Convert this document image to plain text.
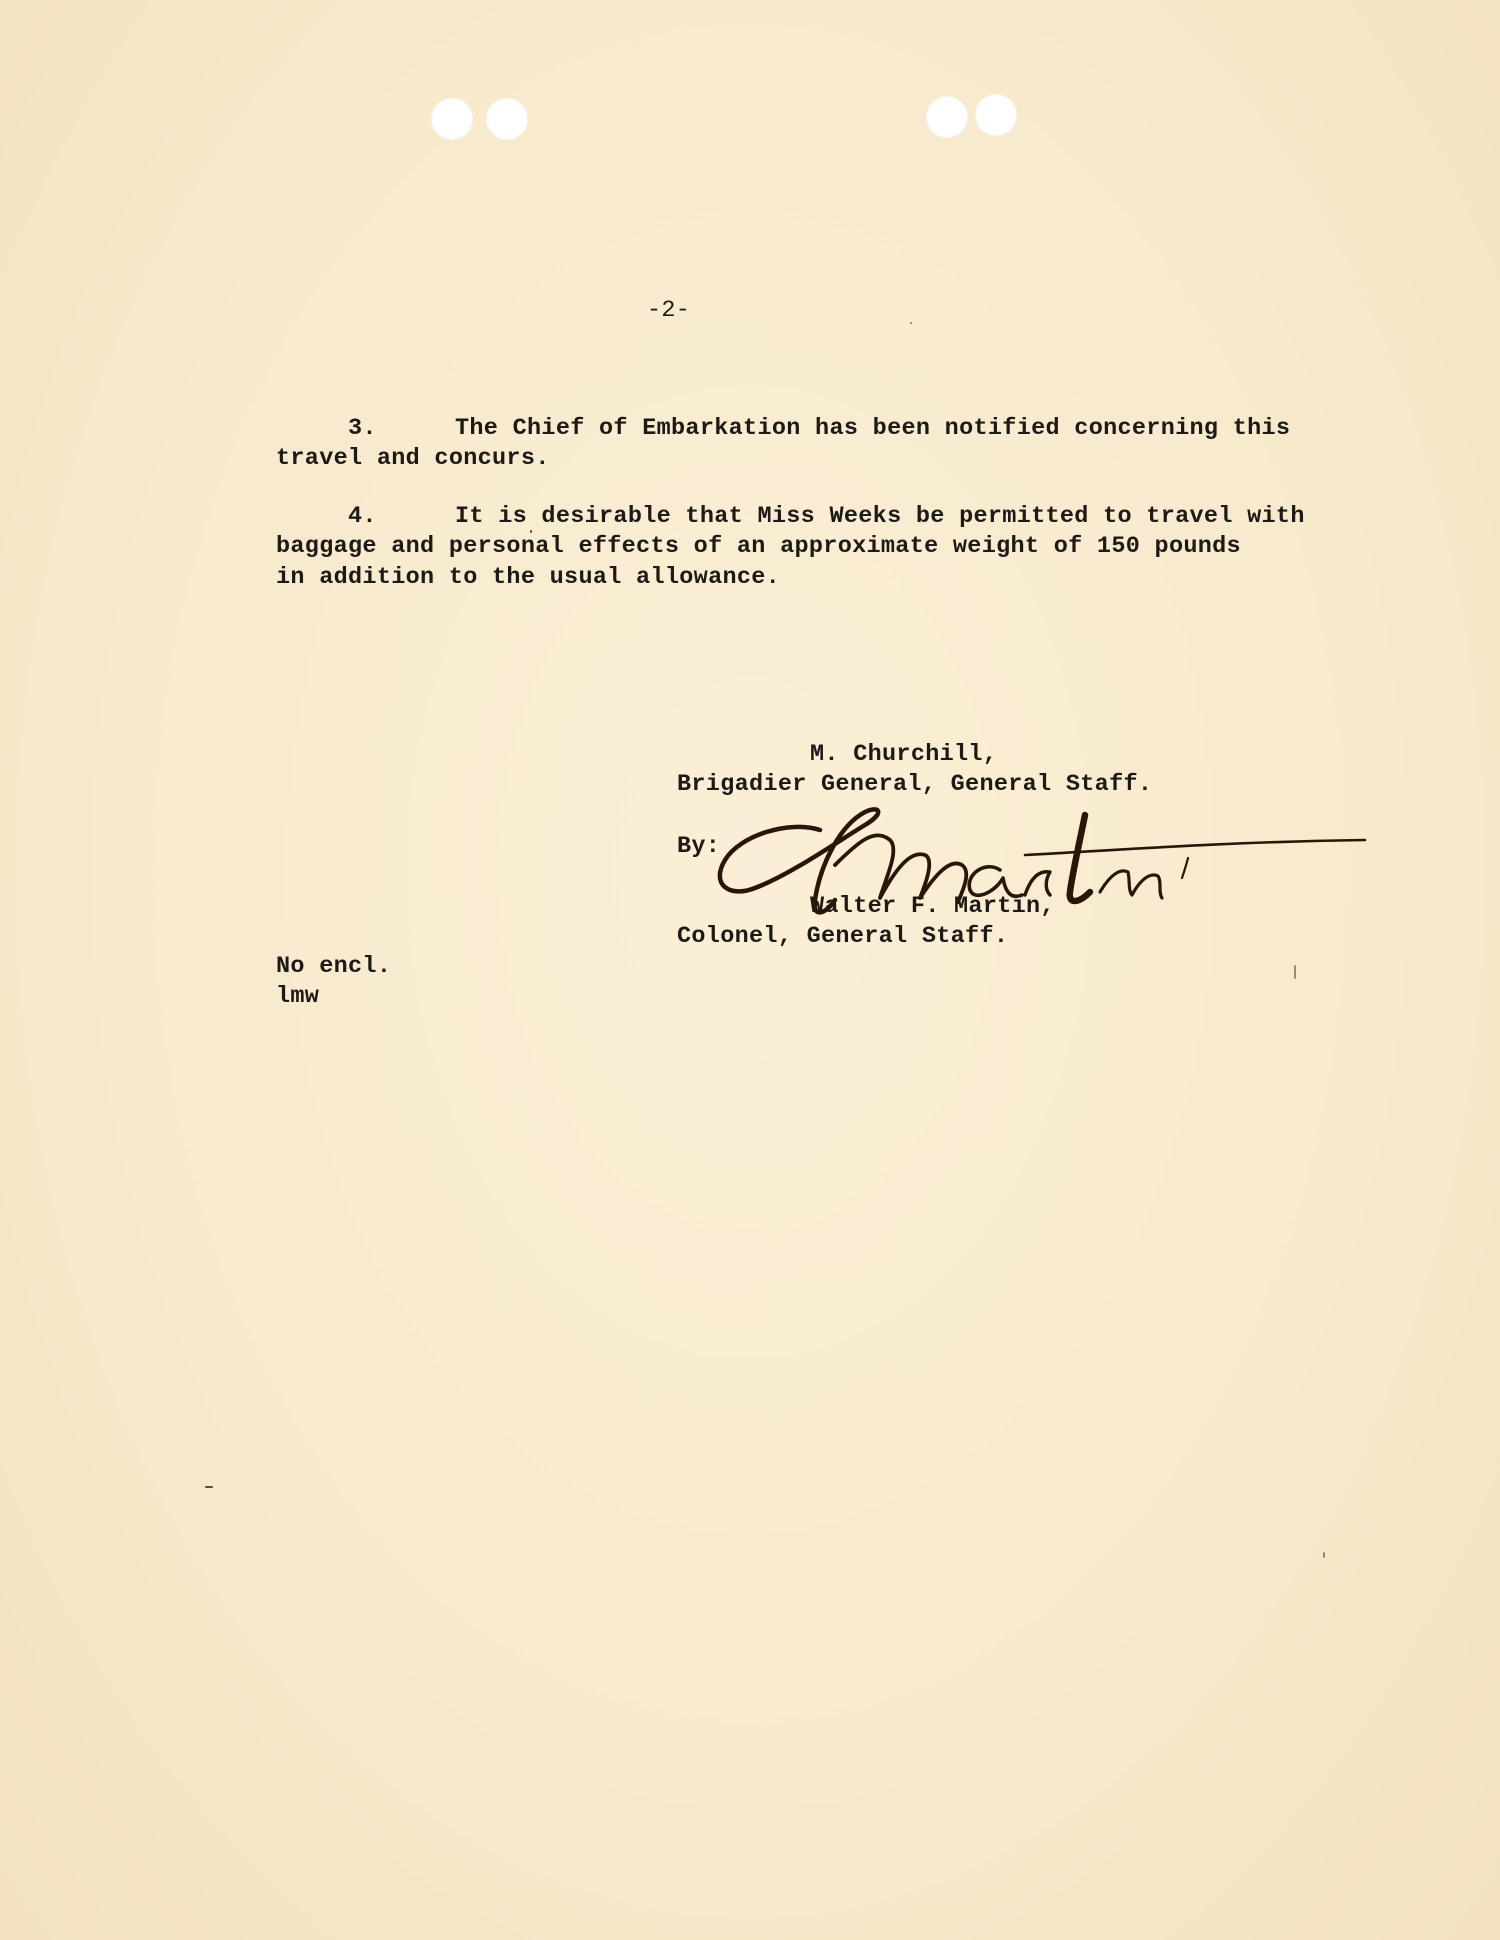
-2-

3.	The Chief of Embarkation has been notified concerning this

travel and concurs.

4.	It is desirable that Miss Weeks be permitted to travel with

baggage and personal effects of an approximate weight of 150 pounds

in addition to the usual allowance.

M. Churchill,

Brigadier General, General Staff.

By:

Walter F. Martin,

Colonel, General Staff.

No encl.

lmw
